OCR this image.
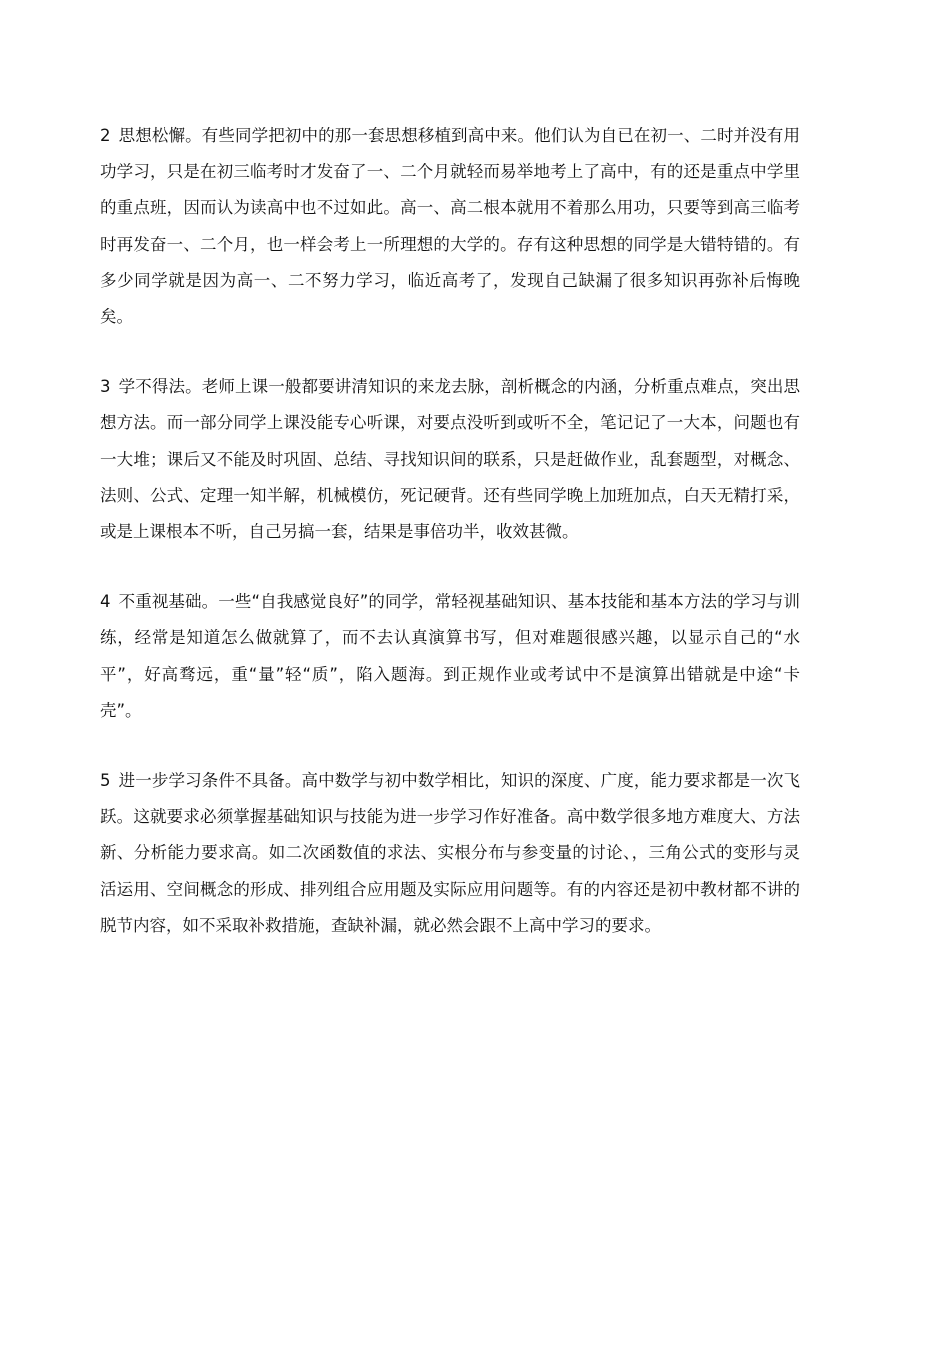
2 思想松懈。有些同学把初中的那一套思想移植到高中来。他们认为自已在初一、二时并没有用功学习，只是在初三临考时才发奋了一、二个月就轻而易举地考上了高中，有的还是重点中学里的重点班，因而认为读高中也不过如此。高一、高二根本就用不着那么用功，只要等到高三临考时再发奋一、二个月，也一样会考上一所理想的大学的。存有这种思想的同学是大错特错的。有多少同学就是因为高一、二不努力学习，临近高考了，发现自己缺漏了很多知识再弥补后悔晚矣。

3 学不得法。老师上课一般都要讲清知识的来龙去脉，剖析概念的内涵，分析重点难点，突出思想方法。而一部分同学上课没能专心听课，对要点没听到或听不全，笔记记了一大本，问题也有一大堆；课后又不能及时巩固、总结、寻找知识间的联系，只是赶做作业，乱套题型，对概念、法则、公式、定理一知半解，机械模仿，死记硬背。还有些同学晚上加班加点，白天无精打采，或是上课根本不听，自己另搞一套，结果是事倍功半，收效甚微。

4 不重视基础。一些“自我感觉良好”的同学，常轻视基础知识、基本技能和基本方法的学习与训练，经常是知道怎么做就算了，而不去认真演算书写，但对难题很感兴趣，以显示自己的“水平”，好高骛远，重“量”轻“质”，陷入题海。到正规作业或考试中不是演算出错就是中途“卡壳”。

5 进一步学习条件不具备。高中数学与初中数学相比，知识的深度、广度，能力要求都是一次飞跃。这就要求必须掌握基础知识与技能为进一步学习作好准备。高中数学很多地方难度大、方法新、分析能力要求高。如二次函数值的求法、实根分布与参变量的讨论、，三角公式的变形与灵活运用、空间概念的形成、排列组合应用题及实际应用问题等。有的内容还是初中教材都不讲的脱节内容，如不采取补救措施，查缺补漏，就必然会跟不上高中学习的要求。
